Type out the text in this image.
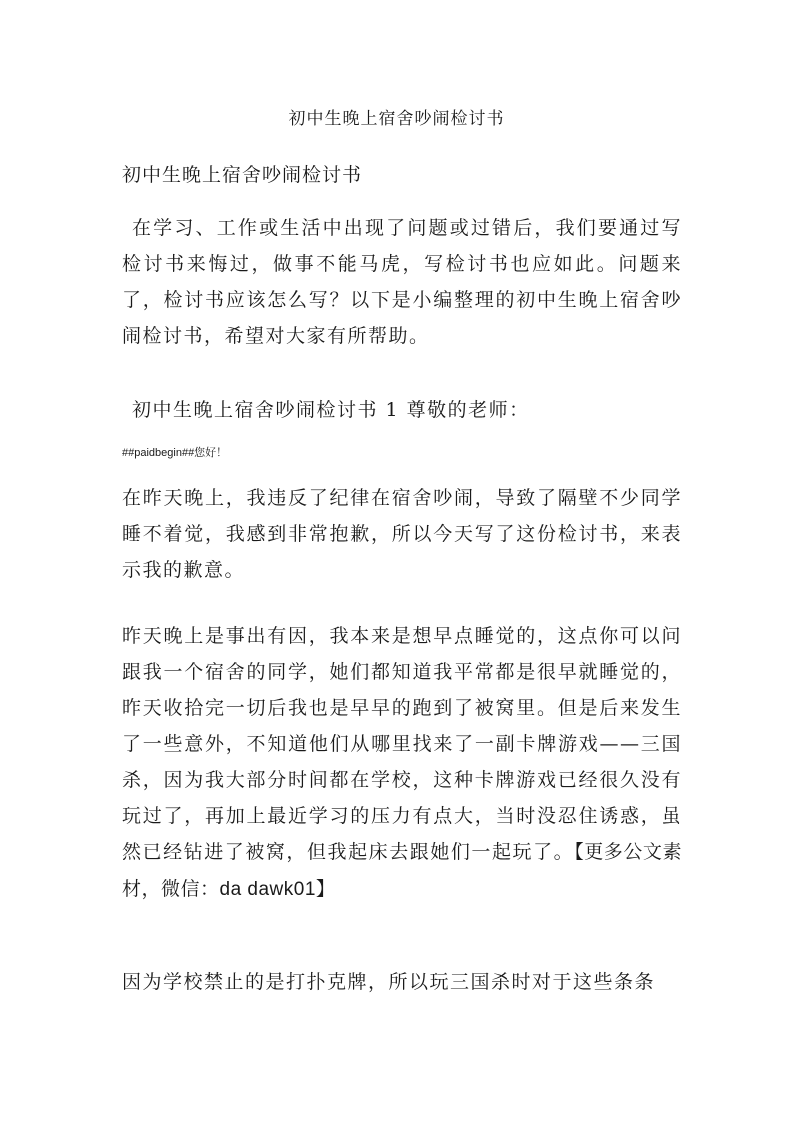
初中生晚上宿舍吵闹检讨书
初中生晚上宿舍吵闹检讨书

在学习、工作或生活中出现了问题或过错后，我们要通过写检讨书来悔过，做事不能马虎，写检讨书也应如此。问题来了，检讨书应该怎么写？以下是小编整理的初中生晚上宿舍吵闹检讨书，希望对大家有所帮助。

初中生晚上宿舍吵闹检讨书 1 尊敬的老师：
##paidbegin##您好！

在昨天晚上，我违反了纪律在宿舍吵闹，导致了隔壁不少同学睡不着觉，我感到非常抱歉，所以今天写了这份检讨书，来表示我的歉意。

昨天晚上是事出有因，我本来是想早点睡觉的，这点你可以问跟我一个宿舍的同学，她们都知道我平常都是很早就睡觉的，昨天收拾完一切后我也是早早的跑到了被窝里。但是后来发生了一些意外，不知道他们从哪里找来了一副卡牌游戏——三国杀，因为我大部分时间都在学校，这种卡牌游戏已经很久没有玩过了，再加上最近学习的压力有点大，当时没忍住诱惑，虽然已经钻进了被窝，但我起床去跟她们一起玩了。【更多公文素材，微信：da dawk01】

因为学校禁止的是打扑克牌，所以玩三国杀时对于这些条条
